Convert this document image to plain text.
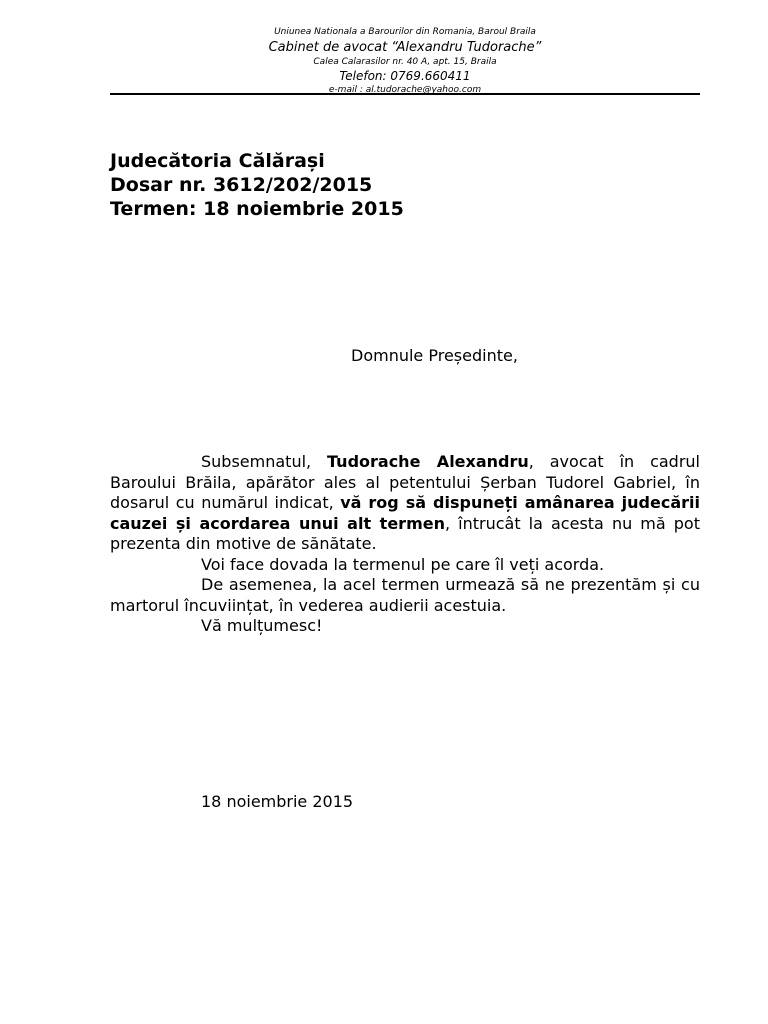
Uniunea Nationala a Barourilor din Romania, Baroul Braila
Cabinet de avocat “Alexandru Tudorache”
Calea Calarasilor nr. 40 A, apt. 15, Braila
Telefon: 0769.660411
e-mail : al.tudorache@yahoo.com
Judecătoria Călărași
Dosar nr. 3612/202/2015
Termen: 18 noiembrie 2015
Domnule Președinte,

Subsemnatul, Tudorache Alexandru, avocat în cadrul Baroului Brăila, apărător ales al petentului Șerban Tudorel Gabriel, în dosarul cu numărul indicat, vă rog să dispuneți amânarea judecării cauzei și acordarea unui alt termen, întrucât la acesta nu mă pot prezenta din motive de sănătate.

Voi face dovada la termenul pe care îl veți acorda.

De asemenea, la acel termen urmează să ne prezentăm și cu martorul încuviințat, în vederea audierii acestuia.

Vă mulțumesc!

18 noiembrie 2015
